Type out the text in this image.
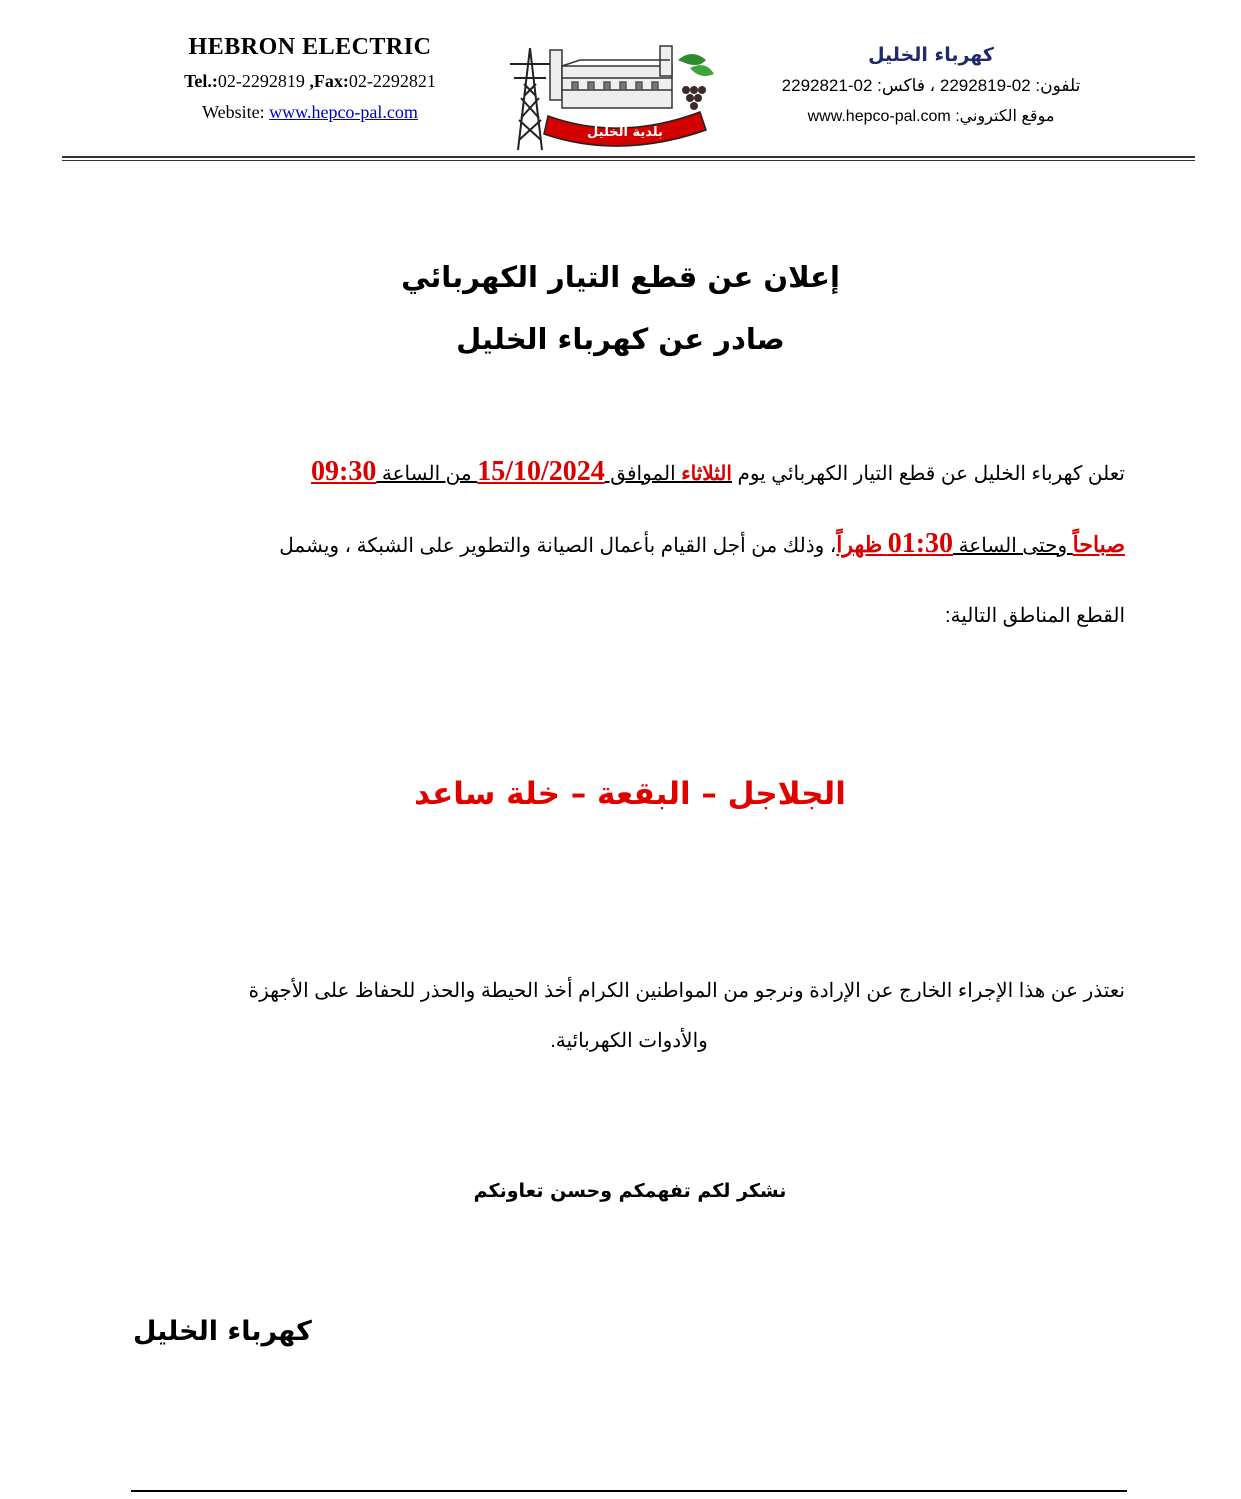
HEBRON ELECTRIC
Tel.:02-2292819 ,Fax:02-2292821
Website: www.hepco-pal.com
بلدية الخليل
كهرباء الخليل
تلفون: 02-2292819 ، فاكس: 02-2292821
موقع الكتروني: www.hepco-pal.com
إعلان عن قطع التيار الكهربائي
صادر عن كهرباء الخليل
تعلن كهرباء الخليل عن قطع التيار الكهربائي يوم الثلاثاء الموافق 15/10/2024 من الساعة 09:30
صباحاً وحتى الساعة 01:30 ظهراً، وذلك من أجل القيام بأعمال الصيانة والتطوير على الشبكة ، ويشمل
القطع المناطق التالية:
الجلاجل – البقعة – خلة ساعد
نعتذر عن هذا الإجراء الخارج عن الإرادة ونرجو من المواطنين الكرام أخذ الحيطة والحذر للحفاظ على الأجهزة
والأدوات الكهربائية.
نشكر لكم تفهمكم وحسن تعاونكم
كهرباء الخليل
